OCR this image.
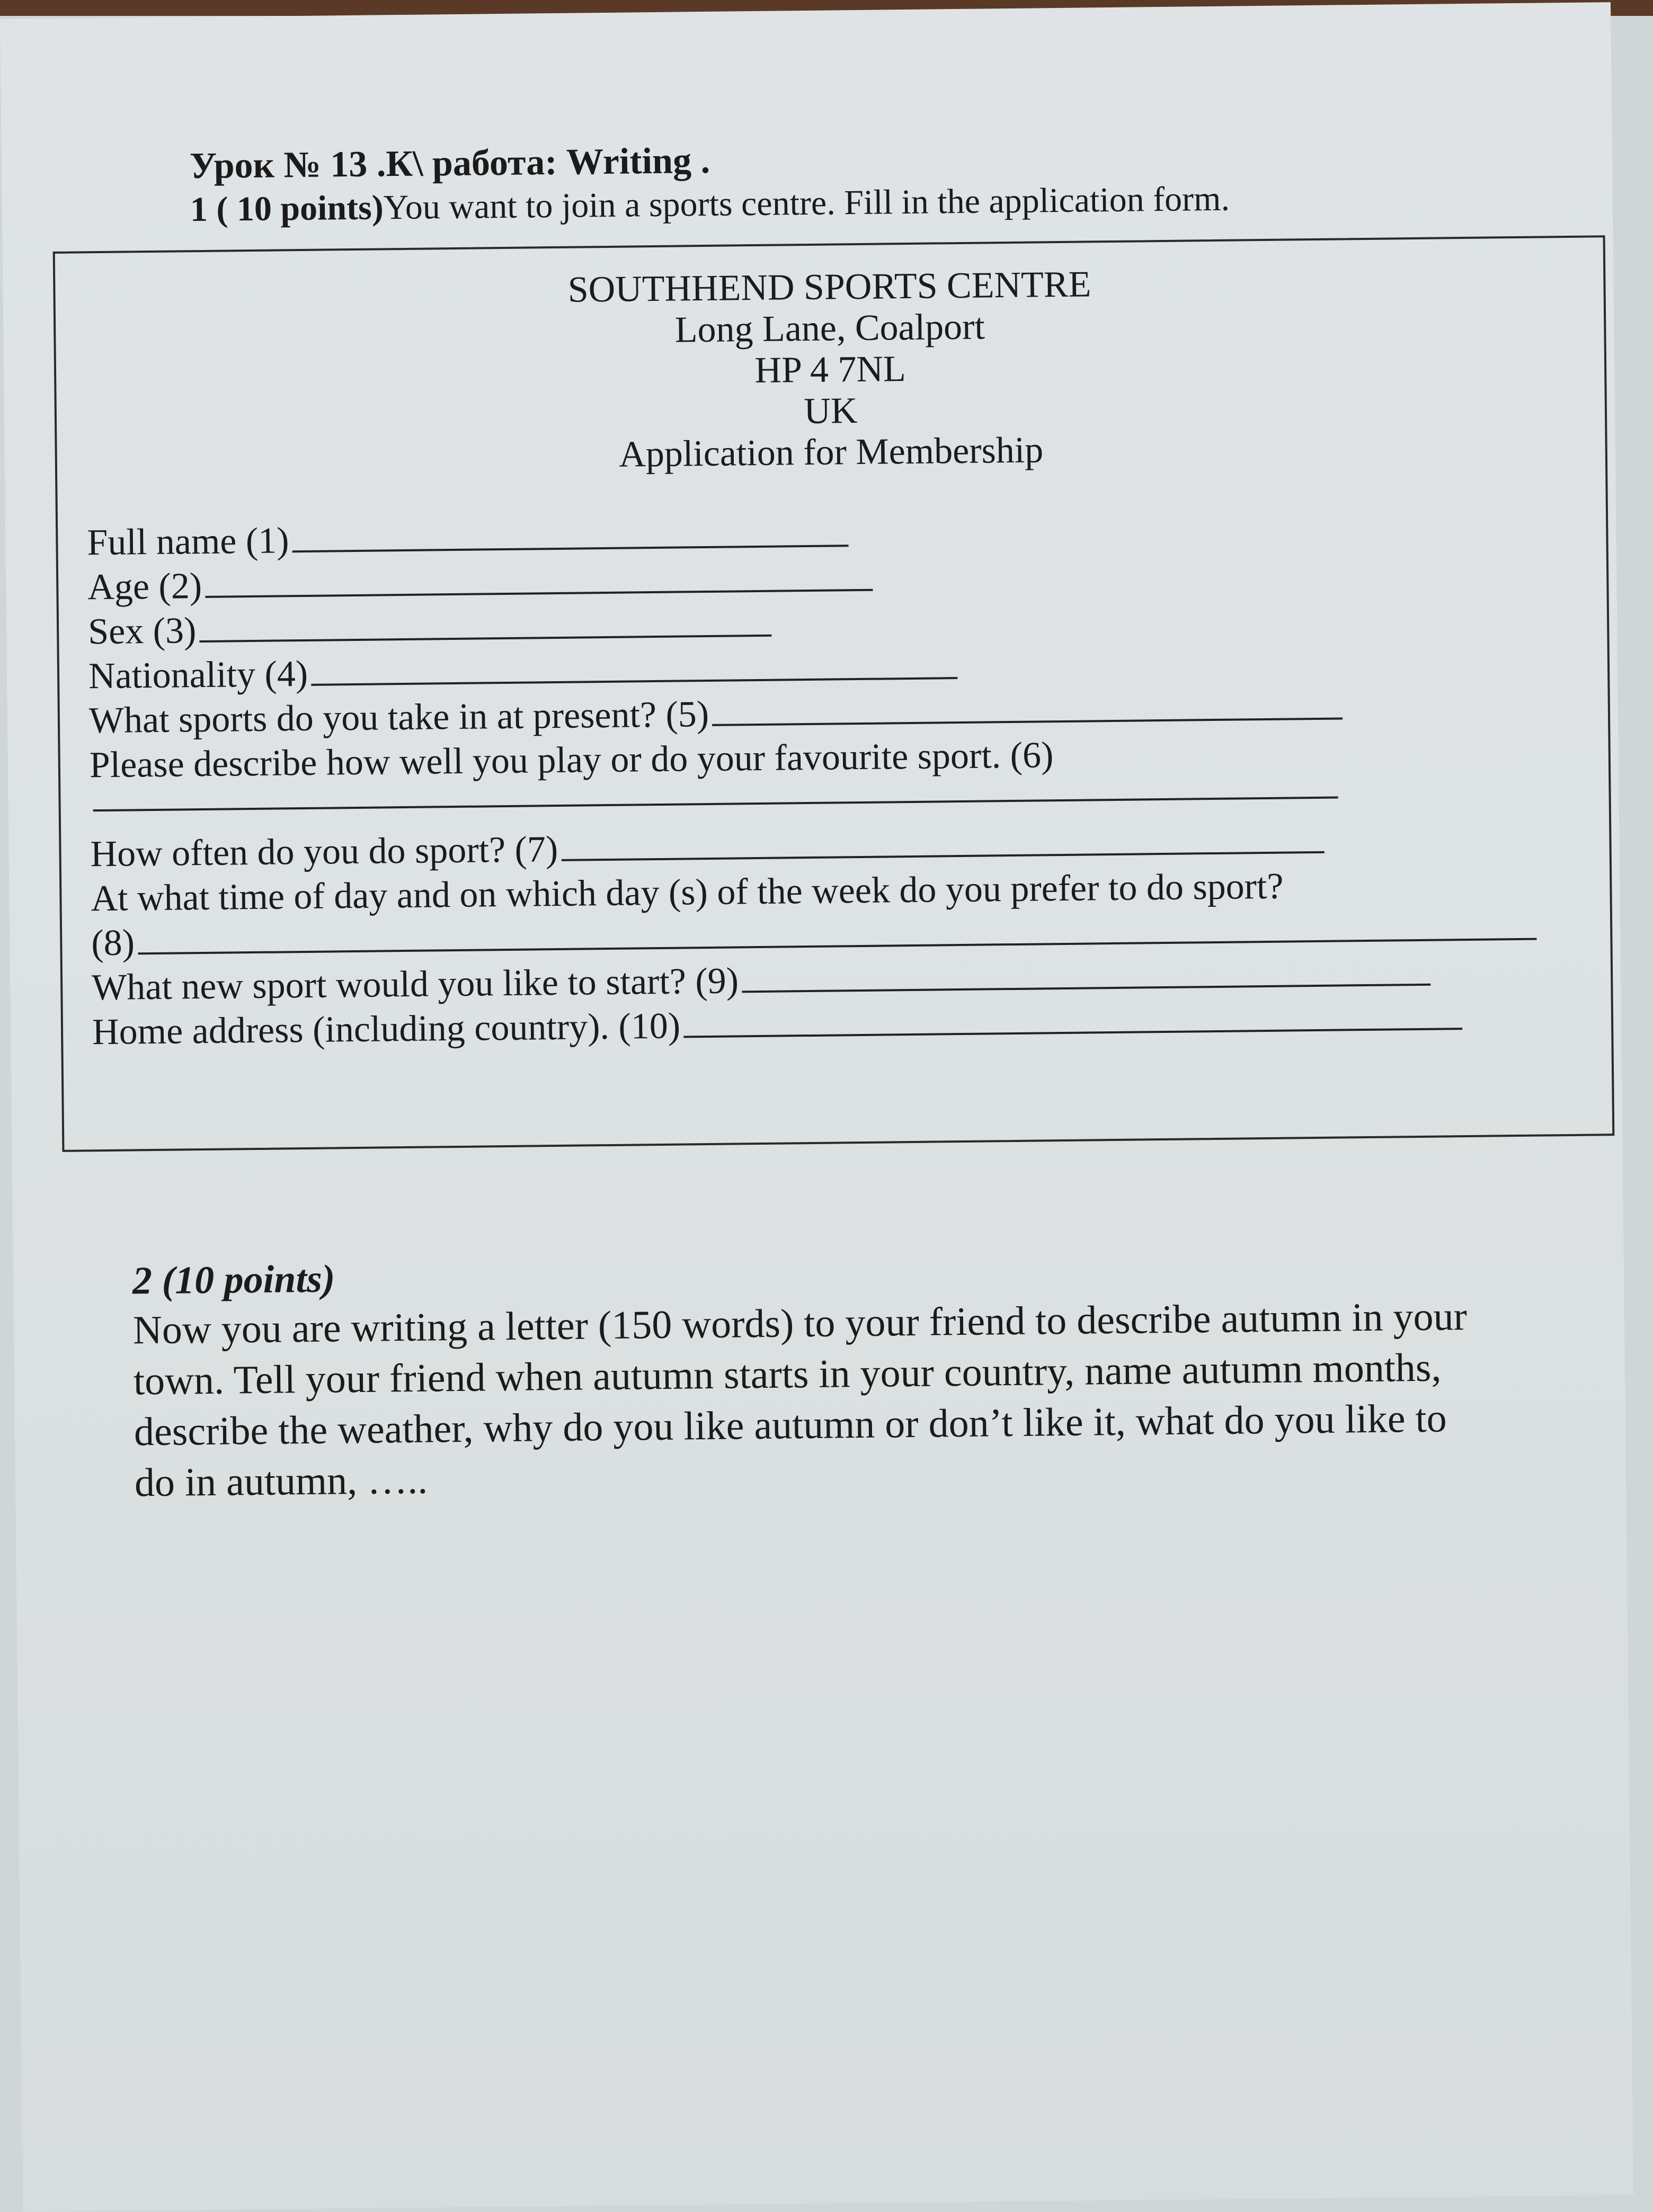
Урок № 13 .К\ работа: Writing .
1 ( 10 points)You want to join a sports centre. Fill in the application form.
SOUTHHEND SPORTS CENTRE
Long Lane, Coalport
HP 4 7NL
UK
Application for Membership
Full name (1)
Age (2)
Sex (3)
Nationality (4)
What sports do you take in at present? (5)
Please describe how well you play or do your favourite sport. (6)
How often do you do sport? (7)
At what time of day and on which day (s) of the week do you prefer to do sport?
(8)
What new sport would you like to start? (9)
Home address (including country). (10)
2 (10 points)
Now you are writing a letter (150 words) to your friend to describe autumn in your
town. Tell your friend when autumn starts in your country, name autumn months,
describe the weather, why do you like autumn or don’t like it, what do you like to
do in autumn, …..
